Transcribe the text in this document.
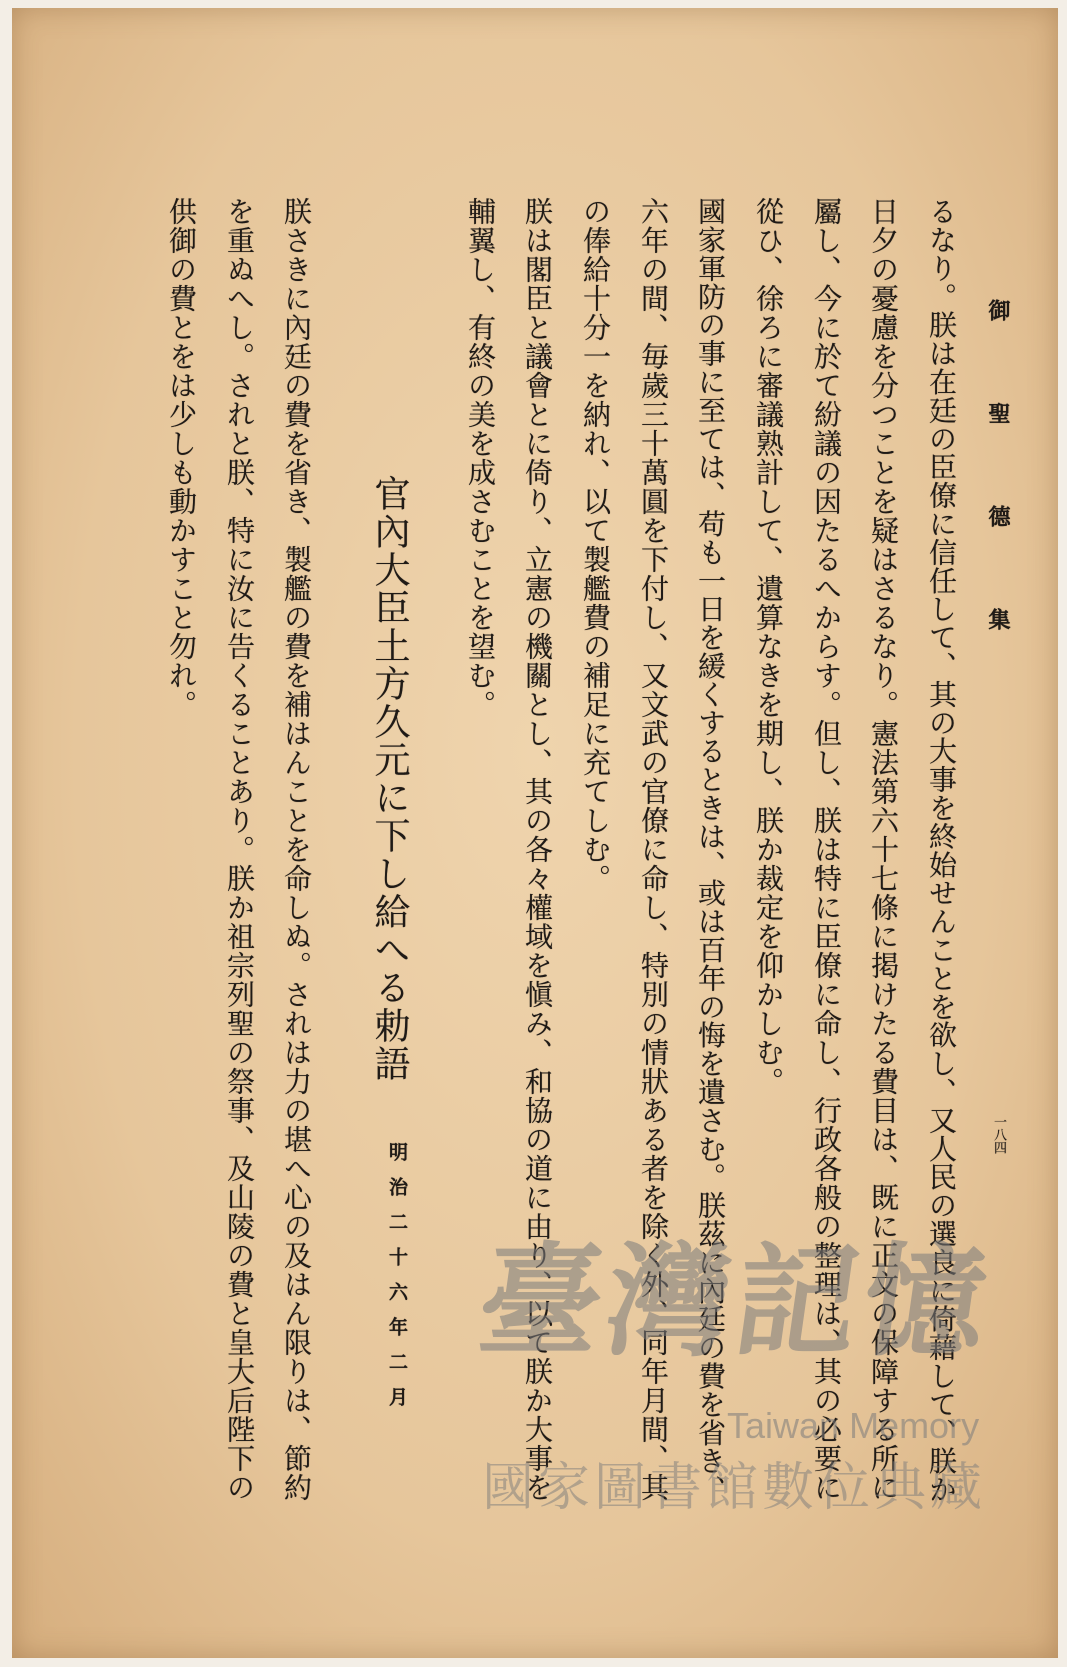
御聖德集
一八四
るなり。朕は在廷の臣僚に信任して、其の大事を終始せんことを欲し、又人民の選良に倚藉して、朕か
日夕の憂慮を分つことを疑はさるなり。憲法第六十七條に掲けたる費目は、既に正文の保障する所に
屬し、今に於て紛議の因たるへからす。但し、朕は特に臣僚に命し、行政各般の整理は、其の必要に
從ひ、徐ろに審議熟計して、遺算なきを期し、朕か裁定を仰かしむ。
國家軍防の事に至ては、苟も一日を緩くするときは、或は百年の悔を遺さむ。朕茲に內廷の費を省き、
六年の間、毎歲三十萬圓を下付し、又文武の官僚に命し、特別の情狀ある者を除く外、同年月間、其
の俸給十分一を納れ、以て製艦費の補足に充てしむ。
朕は閣臣と議會とに倚り、立憲の機關とし、其の各々權域を愼み、和協の道に由り、以て朕か大事を
輔翼し、有終の美を成さむことを望む。
官內大臣土方久元に下し給へる勅語
明治二十六年二月
朕さきに內廷の費を省き、製艦の費を補はんことを命しぬ。されは力の堪へ心の及はん限りは、節約
を重ぬへし。されと朕、特に汝に告くることあり。朕か祖宗列聖の祭事、及山陵の費と皇大后陛下の
供御の費とをは少しも動かすこと勿れ。
臺灣記憶
Taiwan Memory
國家圖書館數位典藏
